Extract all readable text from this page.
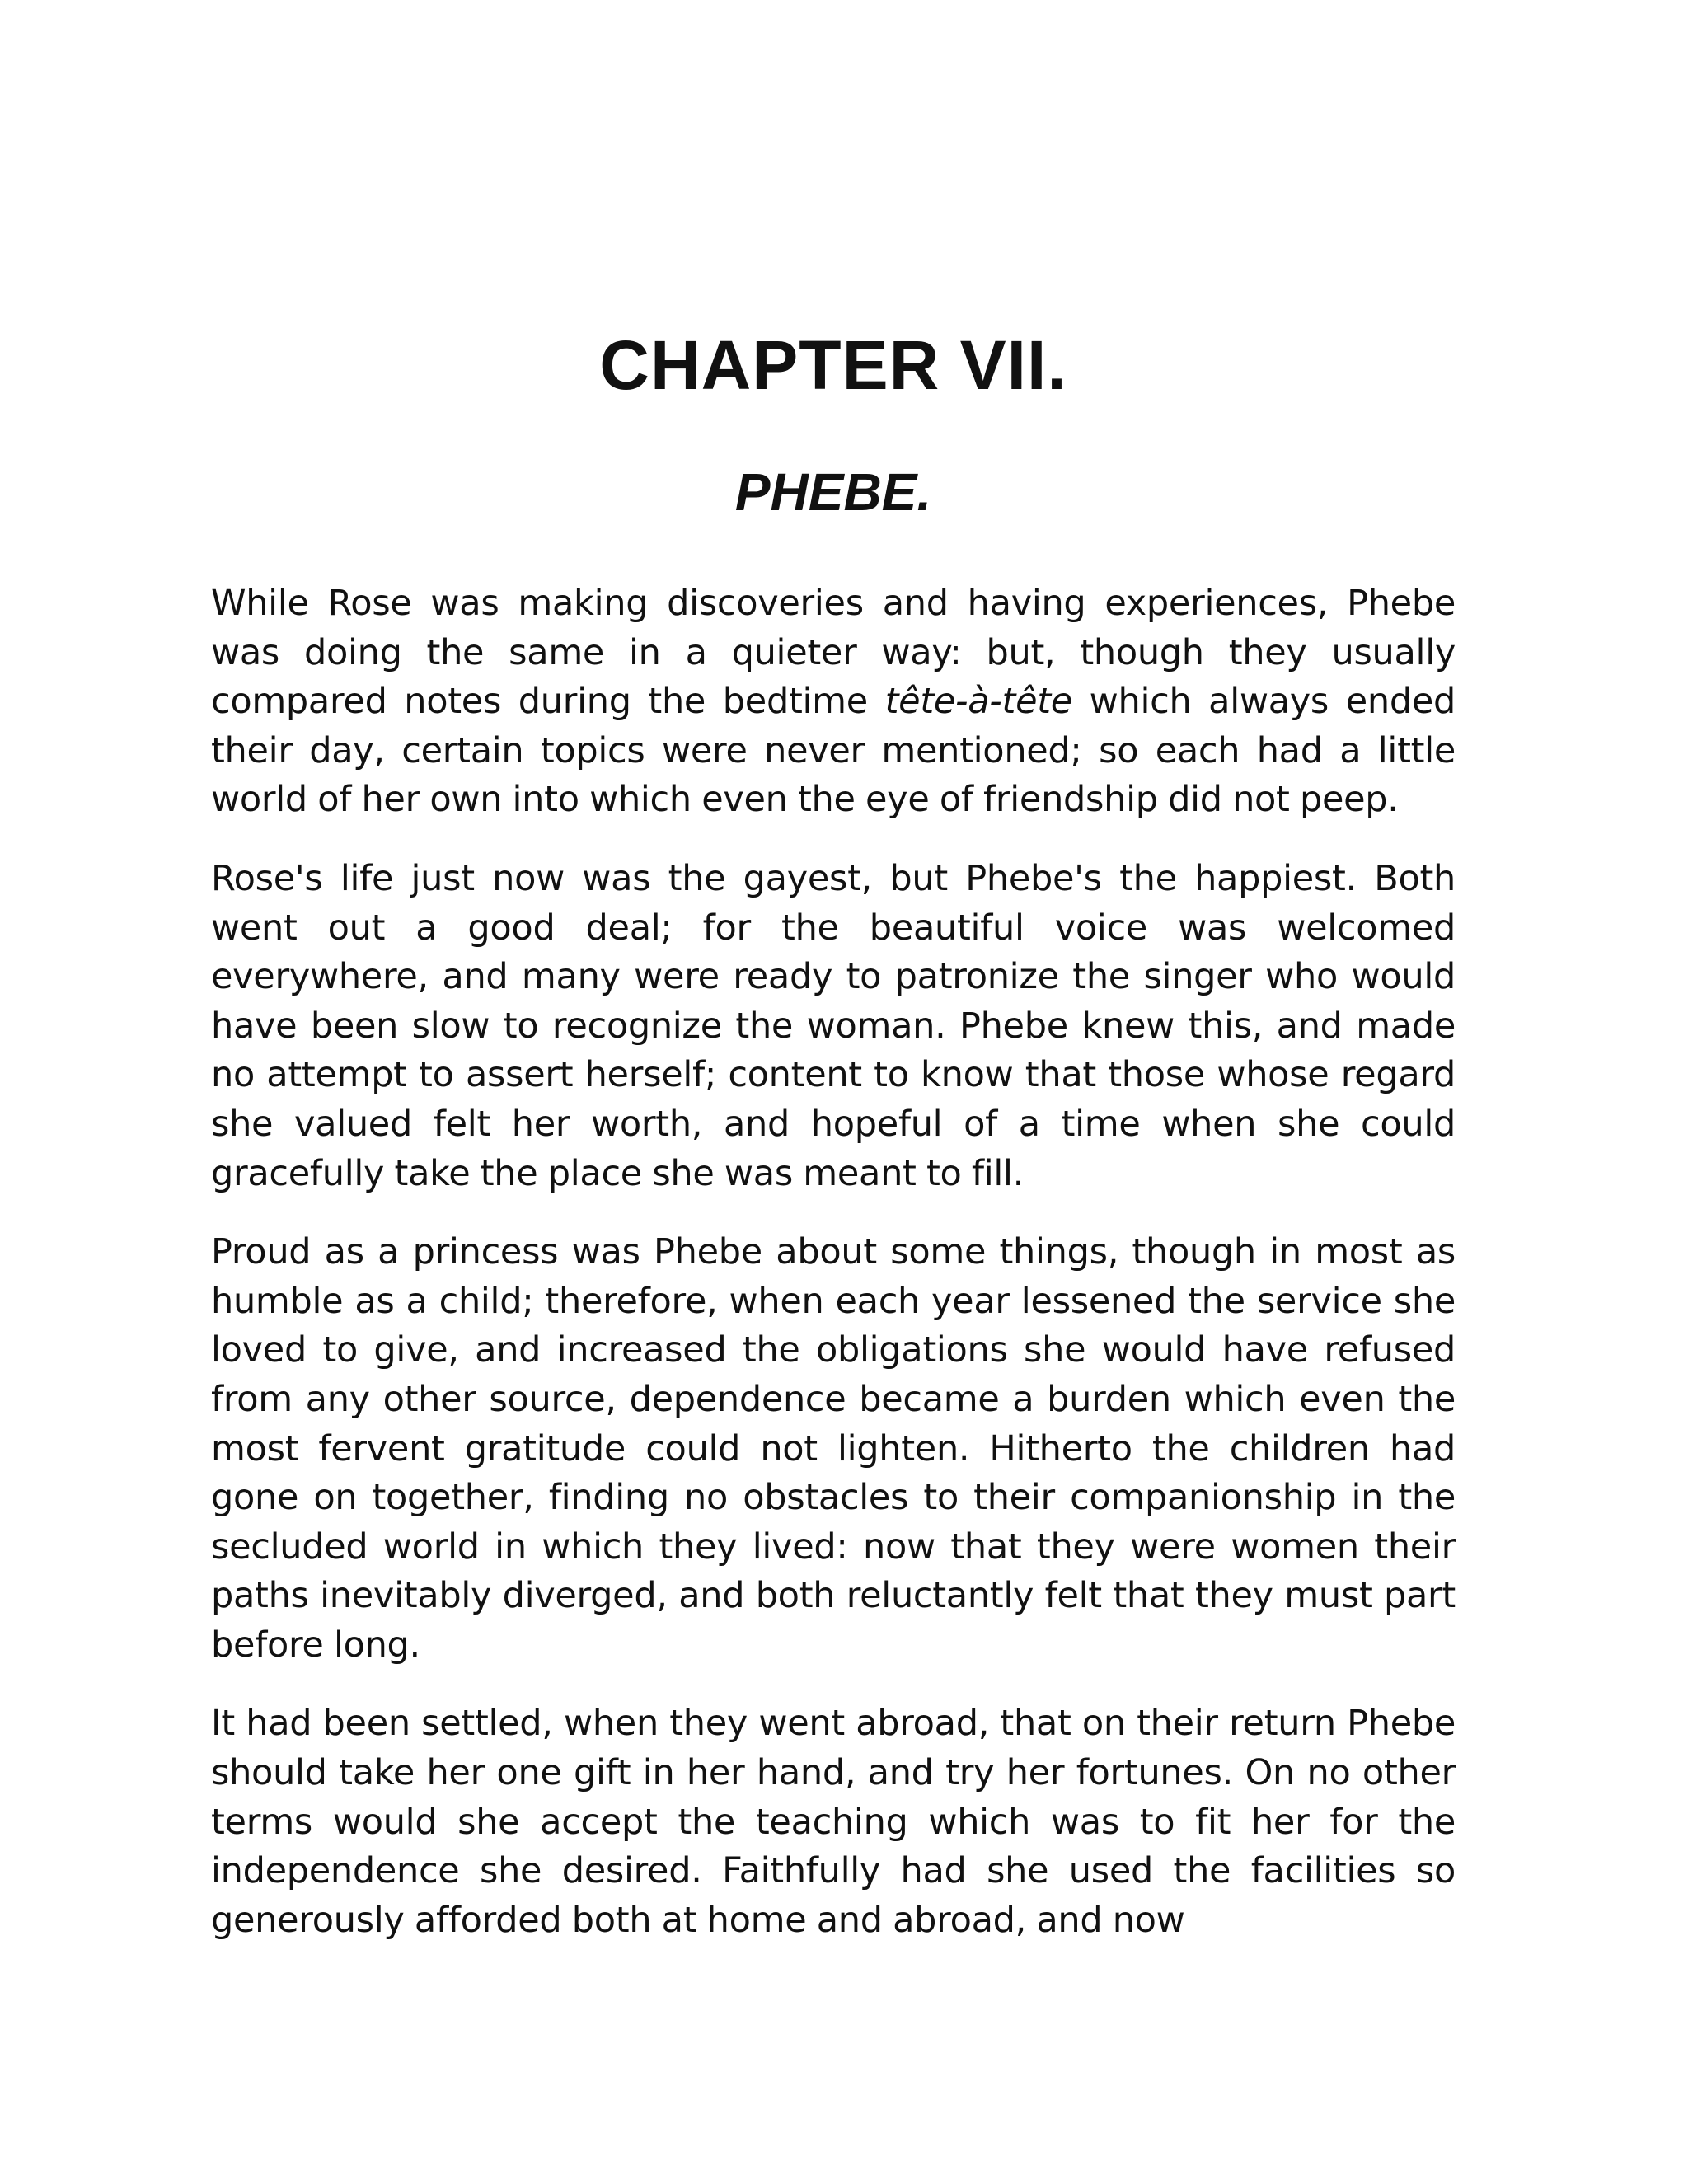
CHAPTER VII.
PHEBE.

While Rose was making discoveries and having experiences, Phebe was doing the same in a quieter way: but, though they usually compared notes during the bedtime tête-à-tête which always ended their day, certain topics were never mentioned; so each had a little world of her own into which even the eye of friendship did not peep.

Rose's life just now was the gayest, but Phebe's the happiest. Both went out a good deal; for the beautiful voice was welcomed everywhere, and many were ready to patronize the singer who would have been slow to recognize the woman. Phebe knew this, and made no attempt to assert herself; content to know that those whose regard she valued felt her worth, and hopeful of a time when she could gracefully take the place she was meant to fill.

Proud as a princess was Phebe about some things, though in most as humble as a child; therefore, when each year lessened the service she loved to give, and increased the obligations she would have refused from any other source, dependence became a burden which even the most fervent gratitude could not lighten. Hitherto the children had gone on together, finding no obstacles to their companionship in the secluded world in which they lived: now that they were women their paths inevitably diverged, and both reluctantly felt that they must part before long.

It had been settled, when they went abroad, that on their return Phebe should take her one gift in her hand, and try her fortunes. On no other terms would she accept the teaching which was to fit her for the independence she desired. Faithfully had she used the facilities so generously afforded both at home and abroad, and now
